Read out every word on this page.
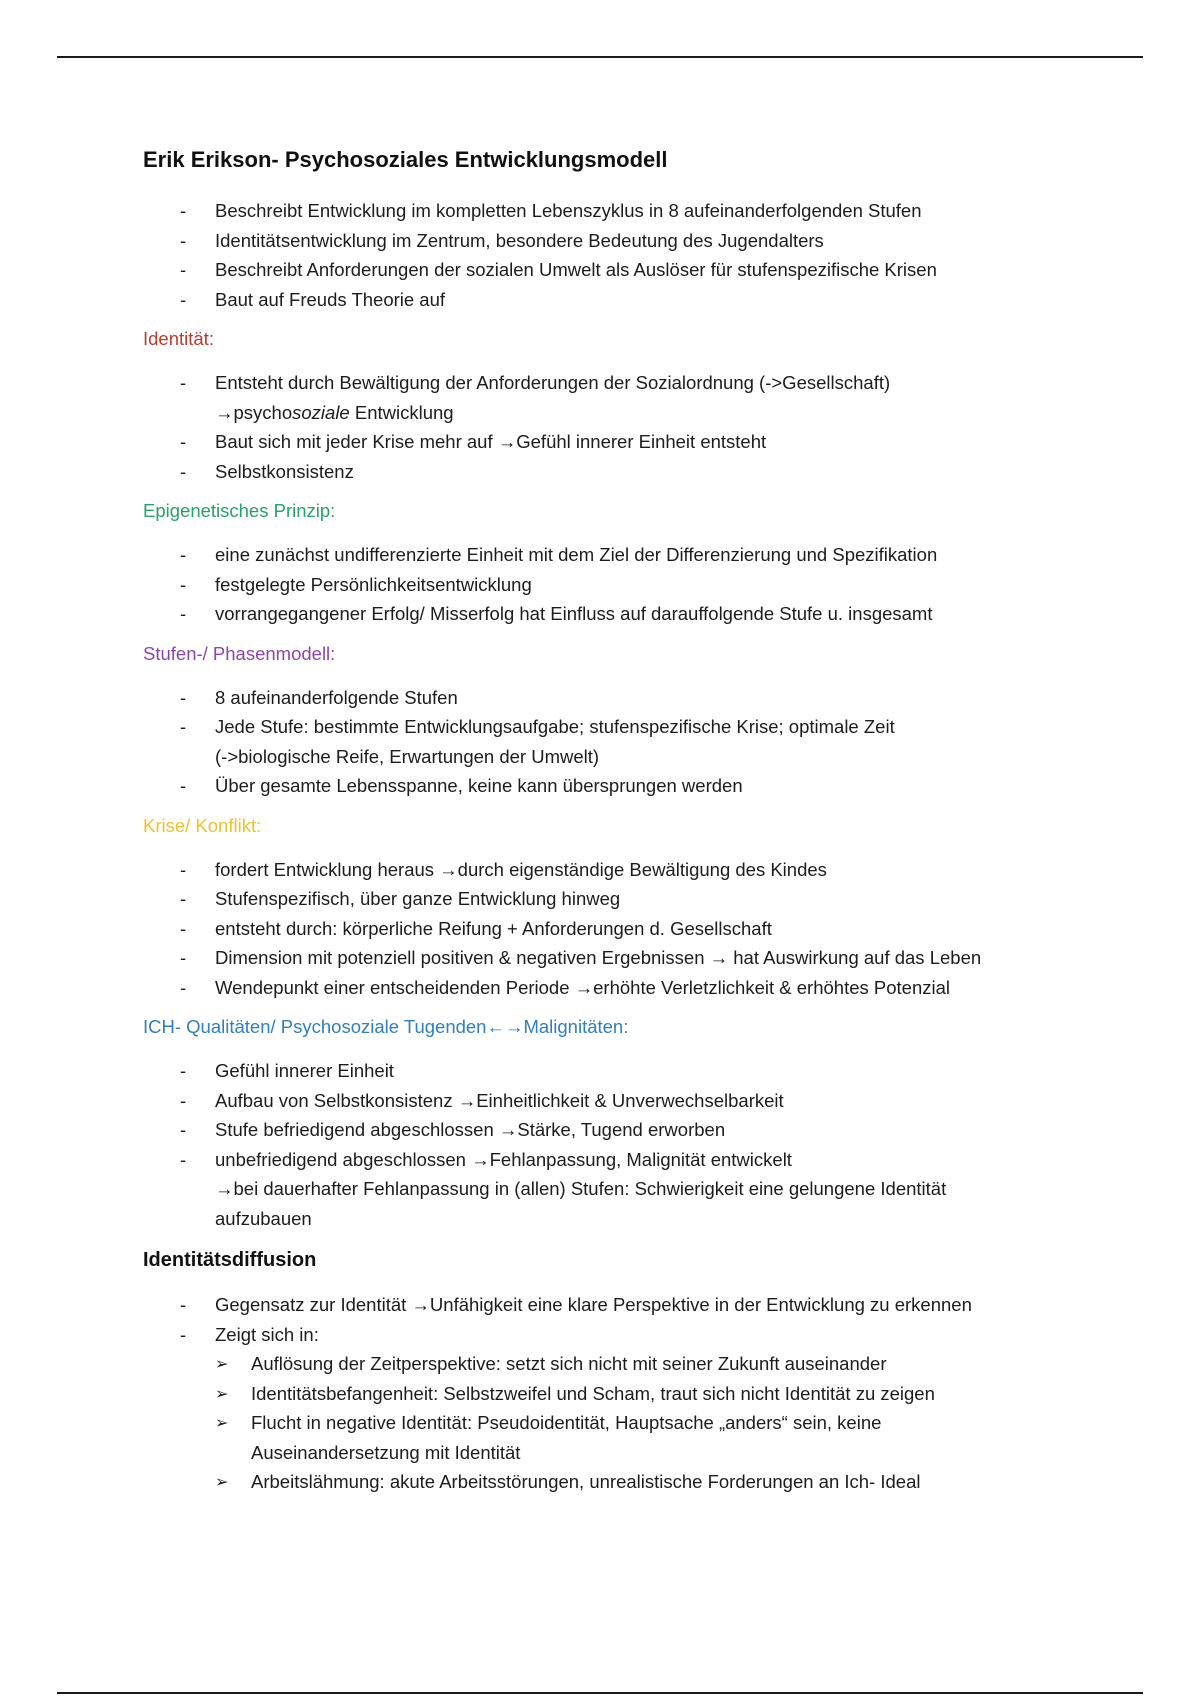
Erik Erikson- Psychosoziales Entwicklungsmodell
- Beschreibt Entwicklung im kompletten Lebenszyklus in 8 aufeinanderfolgenden Stufen
- Identitätsentwicklung im Zentrum, besondere Bedeutung des Jugendalters
- Beschreibt Anforderungen der sozialen Umwelt als Auslöser für stufenspezifische Krisen
- Baut auf Freuds Theorie auf
Identität:
- Entsteht durch Bewältigung der Anforderungen der Sozialordnung (->Gesellschaft)
→psychosoziale Entwicklung
- Baut sich mit jeder Krise mehr auf →Gefühl innerer Einheit entsteht
- Selbstkonsistenz
Epigenetisches Prinzip:
- eine zunächst undifferenzierte Einheit mit dem Ziel der Differenzierung und Spezifikation
- festgelegte Persönlichkeitsentwicklung
- vorrangegangener Erfolg/ Misserfolg hat Einfluss auf darauffolgende Stufe u. insgesamt
Stufen-/ Phasenmodell:
- 8 aufeinanderfolgende Stufen
- Jede Stufe: bestimmte Entwicklungsaufgabe; stufenspezifische Krise; optimale Zeit
(->biologische Reife, Erwartungen der Umwelt)
- Über gesamte Lebensspanne, keine kann übersprungen werden
Krise/ Konflikt:
- fordert Entwicklung heraus →durch eigenständige Bewältigung des Kindes
- Stufenspezifisch, über ganze Entwicklung hinweg
- entsteht durch: körperliche Reifung + Anforderungen d. Gesellschaft
- Dimension mit potenziell positiven & negativen Ergebnissen → hat Auswirkung auf das Leben
- Wendepunkt einer entscheidenden Periode →erhöhte Verletzlichkeit & erhöhtes Potenzial
ICH- Qualitäten/ Psychosoziale Tugenden←→Malignitäten:
- Gefühl innerer Einheit
- Aufbau von Selbstkonsistenz →Einheitlichkeit & Unverwechselbarkeit
- Stufe befriedigend abgeschlossen →Stärke, Tugend erworben
- unbefriedigend abgeschlossen →Fehlanpassung, Malignität entwickelt
→bei dauerhafter Fehlanpassung in (allen) Stufen: Schwierigkeit eine gelungene Identität
aufzubauen
Identitätsdiffusion
- Gegensatz zur Identität →Unfähigkeit eine klare Perspektive in der Entwicklung zu erkennen
- Zeigt sich in:
➢ Auflösung der Zeitperspektive: setzt sich nicht mit seiner Zukunft auseinander
➢ Identitätsbefangenheit: Selbstzweifel und Scham, traut sich nicht Identität zu zeigen
➢ Flucht in negative Identität: Pseudoidentität, Hauptsache „anders“ sein, keine
Auseinandersetzung mit Identität
➢ Arbeitslähmung: akute Arbeitsstörungen, unrealistische Forderungen an Ich- Ideal
